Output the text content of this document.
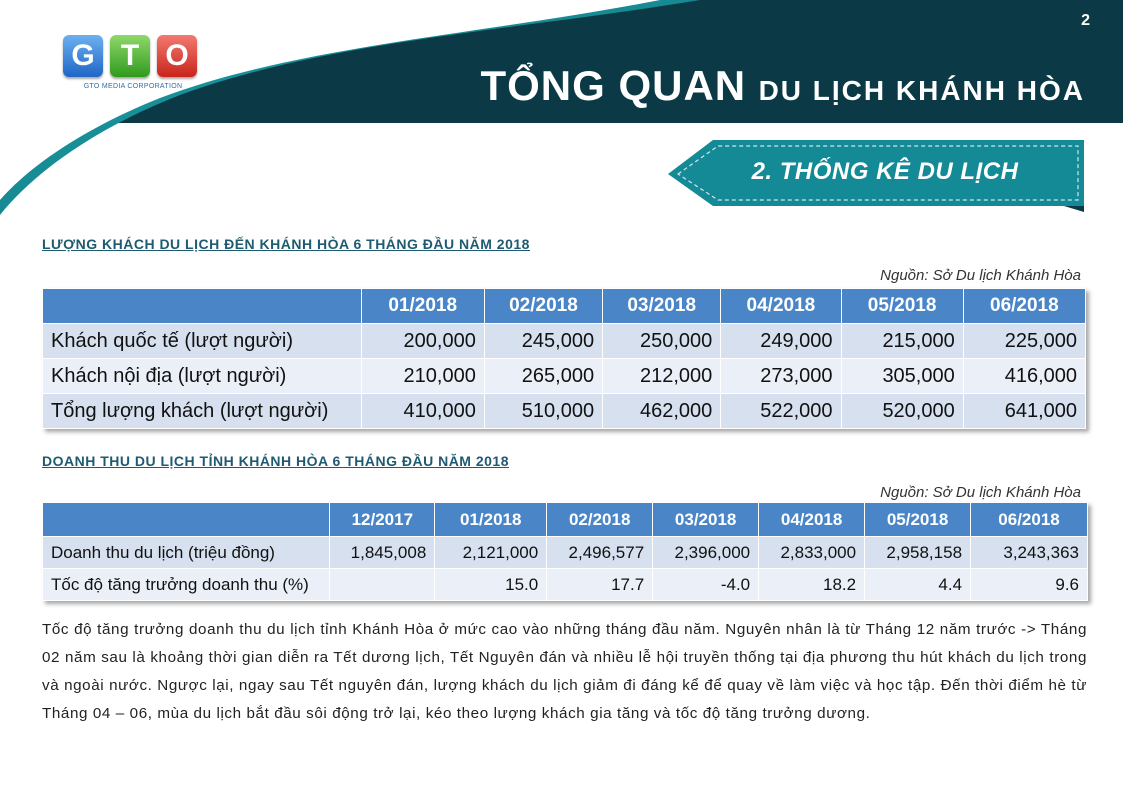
G T O
GTO MEDIA CORPORATION
2
TỔNG QUAN DU LỊCH KHÁNH HÒA
2. THỐNG KÊ DU LỊCH
LƯỢNG KHÁCH DU LỊCH ĐẾN KHÁNH HÒA 6 THÁNG ĐẦU NĂM 2018
Nguồn: Sở Du lịch Khánh Hòa
	01/2018	02/2018	03/2018	04/2018	05/2018	06/2018
Khách quốc tế (lượt người)	200,000	245,000	250,000	249,000	215,000	225,000
Khách nội địa (lượt người)	210,000	265,000	212,000	273,000	305,000	416,000
Tổng lượng khách (lượt người)	410,000	510,000	462,000	522,000	520,000	641,000
DOANH THU DU LỊCH TỈNH KHÁNH HÒA 6 THÁNG ĐẦU NĂM 2018
Nguồn: Sở Du lịch Khánh Hòa
	12/2017	01/2018	02/2018	03/2018	04/2018	05/2018	06/2018
Doanh thu du lịch (triệu đồng)	1,845,008	2,121,000	2,496,577	2,396,000	2,833,000	2,958,158	3,243,363
Tốc độ tăng trưởng doanh thu (%)		15.0	17.7	-4.0	18.2	4.4	9.6
Tốc độ tăng trưởng doanh thu du lịch tỉnh Khánh Hòa ở mức cao vào những tháng đầu năm. Nguyên nhân là từ Tháng 12 năm trước -> Tháng 02 năm sau là khoảng thời gian diễn ra Tết dương lịch, Tết Nguyên đán và nhiều lễ hội truyền thống tại địa phương thu hút khách du lịch trong và ngoài nước. Ngược lại, ngay sau Tết nguyên đán, lượng khách du lịch giảm đi đáng kể để quay về làm việc và học tập. Đến thời điểm hè từ Tháng 04 – 06, mùa du lịch bắt đầu sôi động trở lại, kéo theo lượng khách gia tăng và tốc độ tăng trưởng dương.
